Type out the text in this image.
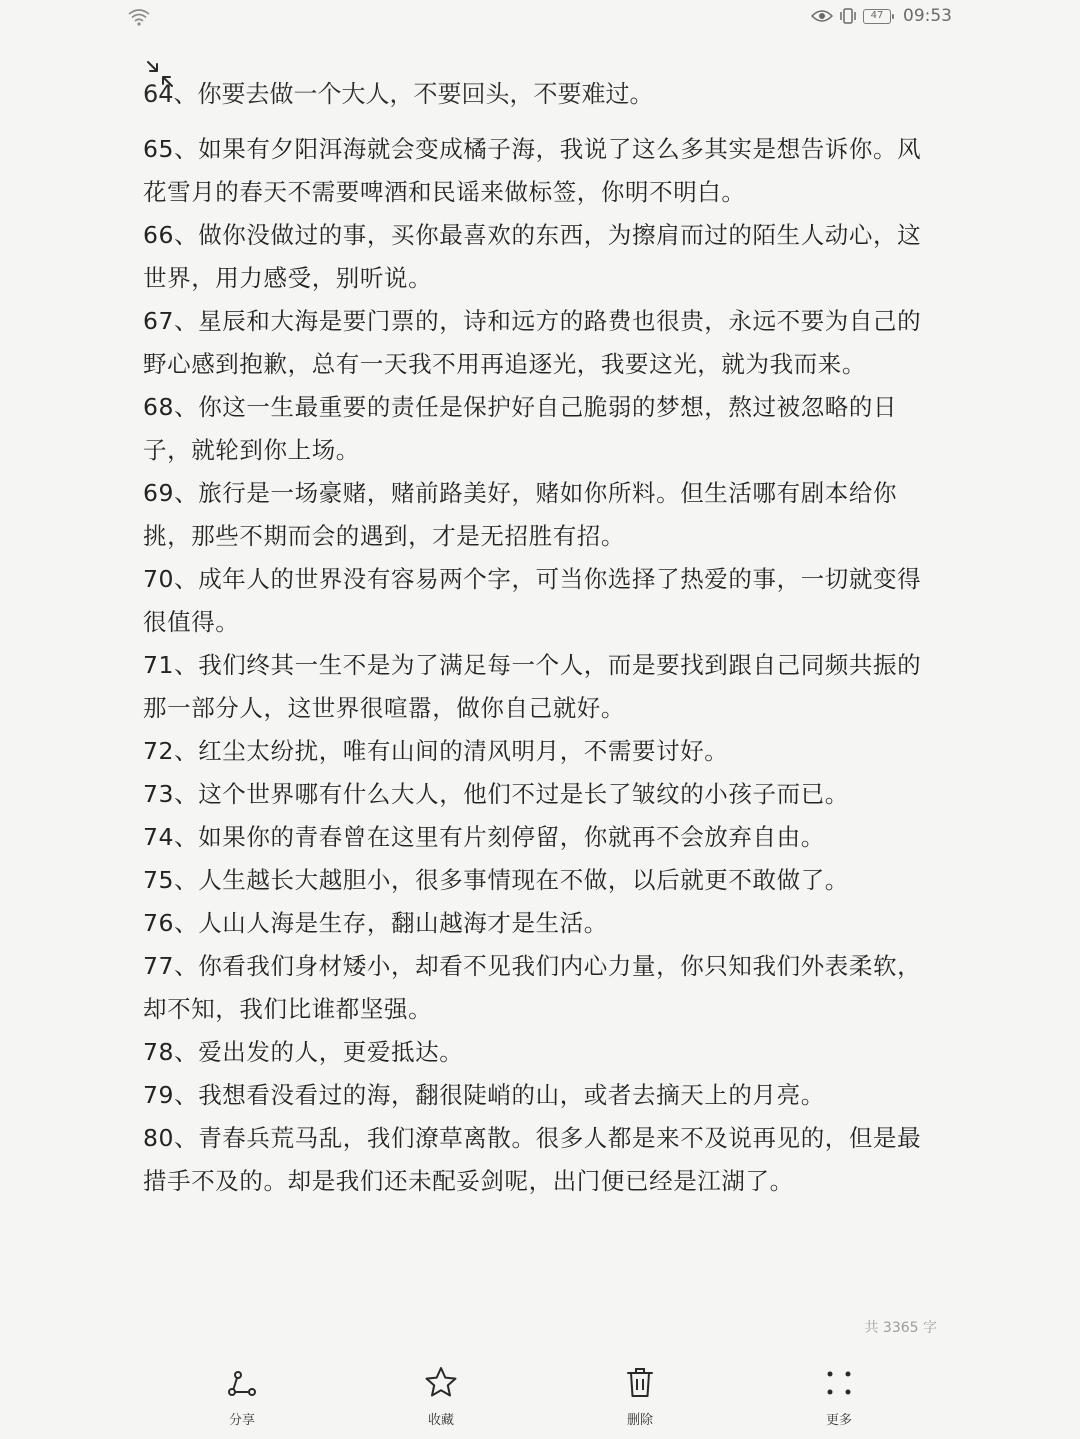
47	09:53
64、你要去做一个大人，不要回头，不要难过。

65、如果有夕阳洱海就会变成橘子海，我说了这么多其实是想告诉你。风花雪月的春天不需要啤酒和民谣来做标签，你明不明白。

66、做你没做过的事，买你最喜欢的东西，为擦肩而过的陌生人动心，这世界，用力感受，别听说。

67、星辰和大海是要门票的，诗和远方的路费也很贵，永远不要为自己的野心感到抱歉，总有一天我不用再追逐光，我要这光，就为我而来。

68、你这一生最重要的责任是保护好自己脆弱的梦想，熬过被忽略的日子，就轮到你上场。

69、旅行是一场豪赌，赌前路美好，赌如你所料。但生活哪有剧本给你挑，那些不期而会的遇到，才是无招胜有招。

70、成年人的世界没有容易两个字，可当你选择了热爱的事，一切就变得很值得。

71、我们终其一生不是为了满足每一个人，而是要找到跟自己同频共振的那一部分人，这世界很喧嚣，做你自己就好。

72、红尘太纷扰，唯有山间的清风明月，不需要讨好。

73、这个世界哪有什么大人，他们不过是长了皱纹的小孩子而已。

74、如果你的青春曾在这里有片刻停留，你就再不会放弃自由。

75、人生越长大越胆小，很多事情现在不做，以后就更不敢做了。

76、人山人海是生存，翻山越海才是生活。

77、你看我们身材矮小，却看不见我们内心力量，你只知我们外表柔软，却不知，我们比谁都坚强。

78、爱出发的人，更爱抵达。

79、我想看没看过的海，翻很陡峭的山，或者去摘天上的月亮。

80、青春兵荒马乱，我们潦草离散。很多人都是来不及说再见的，但是最措手不及的。却是我们还未配妥剑呢，出门便已经是江湖了。

共 3365 字
分享	收藏	删除	更多
